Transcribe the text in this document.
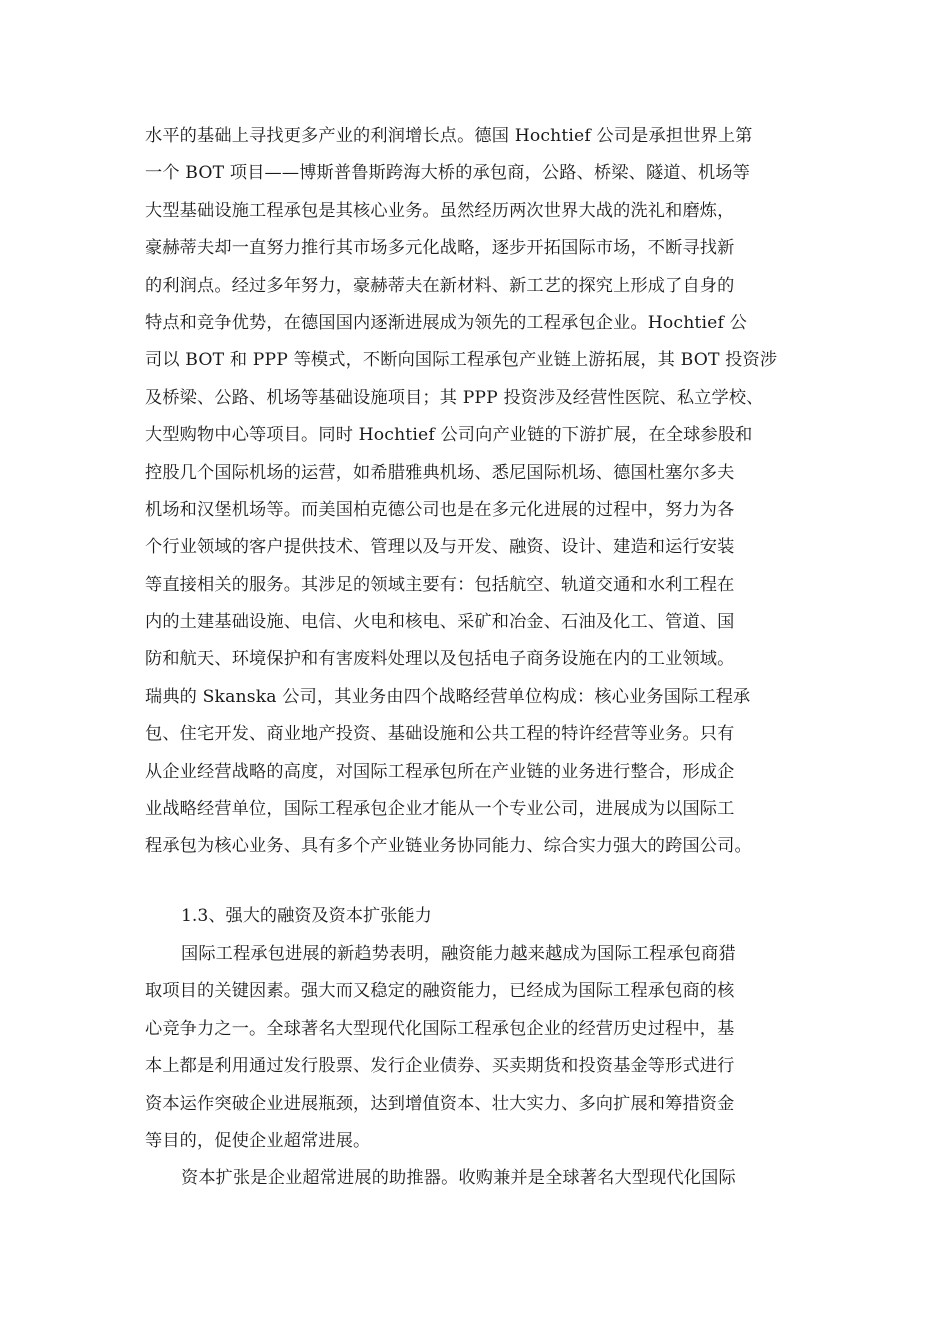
水平的基础上寻找更多产业的利润增长点。德国 Hochtief 公司是承担世界上第
一个 BOT 项目——博斯普鲁斯跨海大桥的承包商，公路、桥梁、隧道、机场等
大型基础设施工程承包是其核心业务。虽然经历两次世界大战的洗礼和磨炼，
豪赫蒂夫却一直努力推行其市场多元化战略，逐步开拓国际市场，不断寻找新
的利润点。经过多年努力，豪赫蒂夫在新材料、新工艺的探究上形成了自身的
特点和竞争优势，在德国国内逐渐进展成为领先的工程承包企业。Hochtief 公
司以 BOT 和 PPP 等模式，不断向国际工程承包产业链上游拓展，其 BOT 投资涉
及桥梁、公路、机场等基础设施项目；其 PPP 投资涉及经营性医院、私立学校、
大型购物中心等项目。同时 Hochtief 公司向产业链的下游扩展，在全球参股和
控股几个国际机场的运营，如希腊雅典机场、悉尼国际机场、德国杜塞尔多夫
机场和汉堡机场等。而美国柏克德公司也是在多元化进展的过程中，努力为各
个行业领域的客户提供技术、管理以及与开发、融资、设计、建造和运行安装
等直接相关的服务。其涉足的领域主要有：包括航空、轨道交通和水利工程在
内的土建基础设施、电信、火电和核电、采矿和冶金、石油及化工、管道、国
防和航天、环境保护和有害废料处理以及包括电子商务设施在内的工业领域。
瑞典的 Skanska 公司，其业务由四个战略经营单位构成：核心业务国际工程承
包、住宅开发、商业地产投资、基础设施和公共工程的特许经营等业务。只有
从企业经营战略的高度，对国际工程承包所在产业链的业务进行整合，形成企
业战略经营单位，国际工程承包企业才能从一个专业公司，进展成为以国际工
程承包为核心业务、具有多个产业链业务协同能力、综合实力强大的跨国公司。
1.3、强大的融资及资本扩张能力
国际工程承包进展的新趋势表明，融资能力越来越成为国际工程承包商猎
取项目的关键因素。强大而又稳定的融资能力，已经成为国际工程承包商的核
心竞争力之一。全球著名大型现代化国际工程承包企业的经营历史过程中，基
本上都是利用通过发行股票、发行企业债券、买卖期货和投资基金等形式进行
资本运作突破企业进展瓶颈，达到增值资本、壮大实力、多向扩展和筹措资金
等目的，促使企业超常进展。
资本扩张是企业超常进展的助推器。收购兼并是全球著名大型现代化国际
